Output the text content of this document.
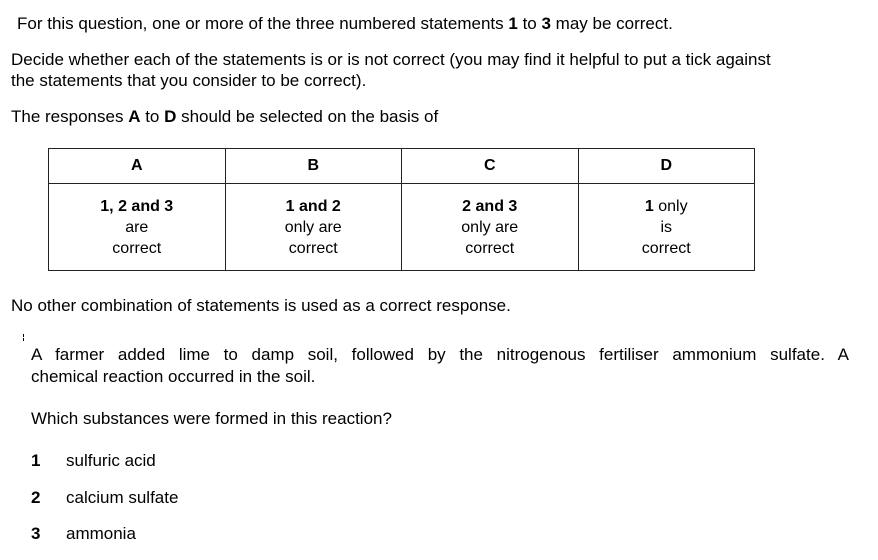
For this question, one or more of the three numbered statements 1 to 3 may be correct.
Decide whether each of the statements is or is not correct (you may find it helpful to put a tick against
the statements that you consider to be correct).
The responses A to D should be selected on the basis of
A	B	C	D
1, 2 and 3
are
correct	1 and 2
only are
correct	2 and 3
only are
correct	1 only
is
correct
No other combination of statements is used as a correct response.
A farmer added lime to damp soil, followed by the nitrogenous fertiliser ammonium sulfate. A
chemical reaction occurred in the soil.
Which substances were formed in this reaction?
1 sulfuric acid
2 calcium sulfate
3 ammonia
